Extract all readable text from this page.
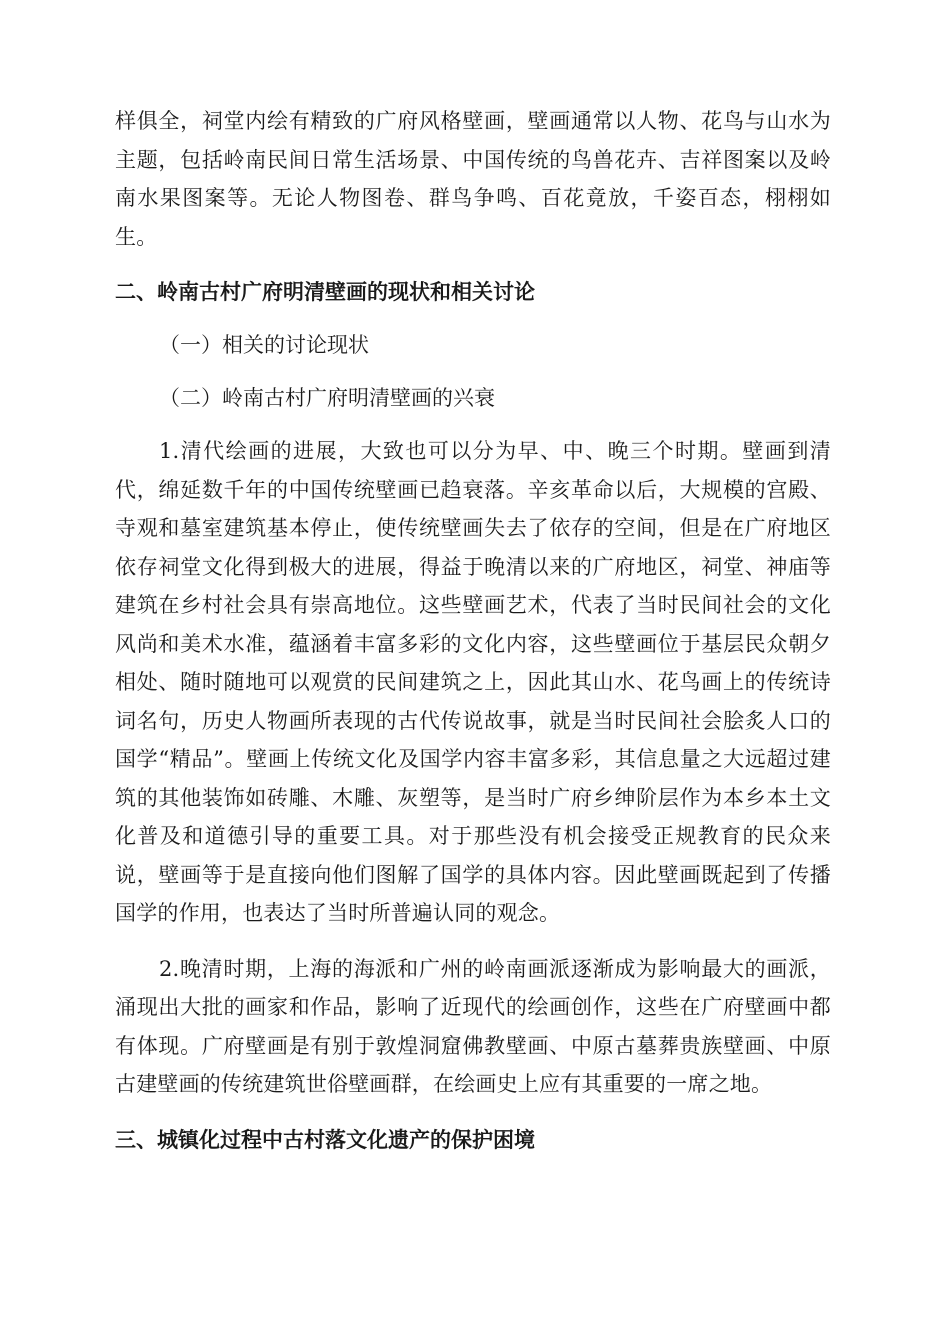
样俱全，祠堂内绘有精致的广府风格壁画，壁画通常以人物、花鸟与山水为主题，包括岭南民间日常生活场景、中国传统的鸟兽花卉、吉祥图案以及岭南水果图案等。无论人物图卷、群鸟争鸣、百花竟放，千姿百态，栩栩如生。

二、岭南古村广府明清壁画的现状和相关讨论

（一）相关的讨论现状

（二）岭南古村广府明清壁画的兴衰

1.清代绘画的进展，大致也可以分为早、中、晚三个时期。壁画到清代，绵延数千年的中国传统壁画已趋衰落。辛亥革命以后，大规模的宫殿、寺观和墓室建筑基本停止，使传统壁画失去了依存的空间，但是在广府地区依存祠堂文化得到极大的进展，得益于晚清以来的广府地区，祠堂、神庙等建筑在乡村社会具有崇高地位。这些壁画艺术，代表了当时民间社会的文化风尚和美术水准，蕴涵着丰富多彩的文化内容，这些壁画位于基层民众朝夕相处、随时随地可以观赏的民间建筑之上，因此其山水、花鸟画上的传统诗词名句，历史人物画所表现的古代传说故事，就是当时民间社会脍炙人口的国学“精品”。壁画上传统文化及国学内容丰富多彩，其信息量之大远超过建筑的其他装饰如砖雕、木雕、灰塑等，是当时广府乡绅阶层作为本乡本土文化普及和道德引导的重要工具。对于那些没有机会接受正规教育的民众来说，壁画等于是直接向他们图解了国学的具体内容。因此壁画既起到了传播国学的作用，也表达了当时所普遍认同的观念。

2.晚清时期，上海的海派和广州的岭南画派逐渐成为影响最大的画派，涌现出大批的画家和作品，影响了近现代的绘画创作，这些在广府壁画中都有体现。广府壁画是有别于敦煌洞窟佛教壁画、中原古墓葬贵族壁画、中原古建壁画的传统建筑世俗壁画群，在绘画史上应有其重要的一席之地。

三、城镇化过程中古村落文化遗产的保护困境
